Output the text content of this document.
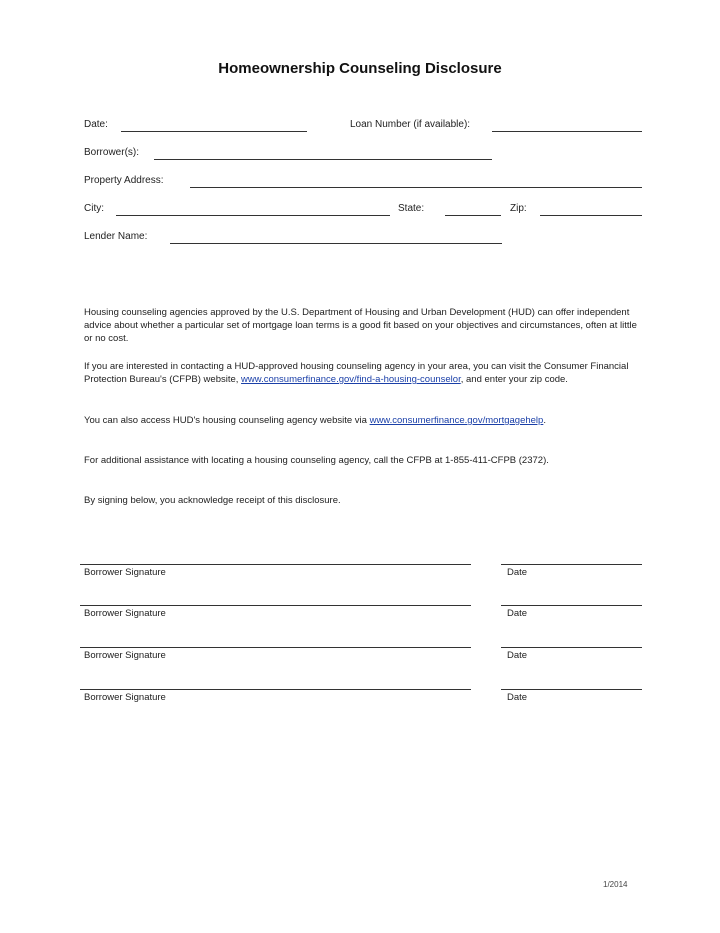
Homeownership Counseling Disclosure
Date:	Loan Number (if available):
Borrower(s):
Property Address:
City:	State:	Zip:
Lender Name:
Housing counseling agencies approved by the U.S. Department of Housing and Urban Development (HUD) can offer independent advice about whether a particular set of mortgage loan terms is a good fit based on your objectives and circumstances, often at little or no cost.
If you are interested in contacting a HUD-approved housing counseling agency in your area, you can visit the Consumer Financial Protection Bureau's (CFPB) website, www.consumerfinance.gov/find-a-housing-counselor, and enter your zip code.
You can also access HUD's housing counseling agency website via www.consumerfinance.gov/mortgagehelp.
For additional assistance with locating a housing counseling agency, call the CFPB at 1-855-411-CFPB (2372).
By signing below, you acknowledge receipt of this disclosure.
Borrower Signature	Date
Borrower Signature	Date
Borrower Signature	Date
Borrower Signature	Date
1/2014
